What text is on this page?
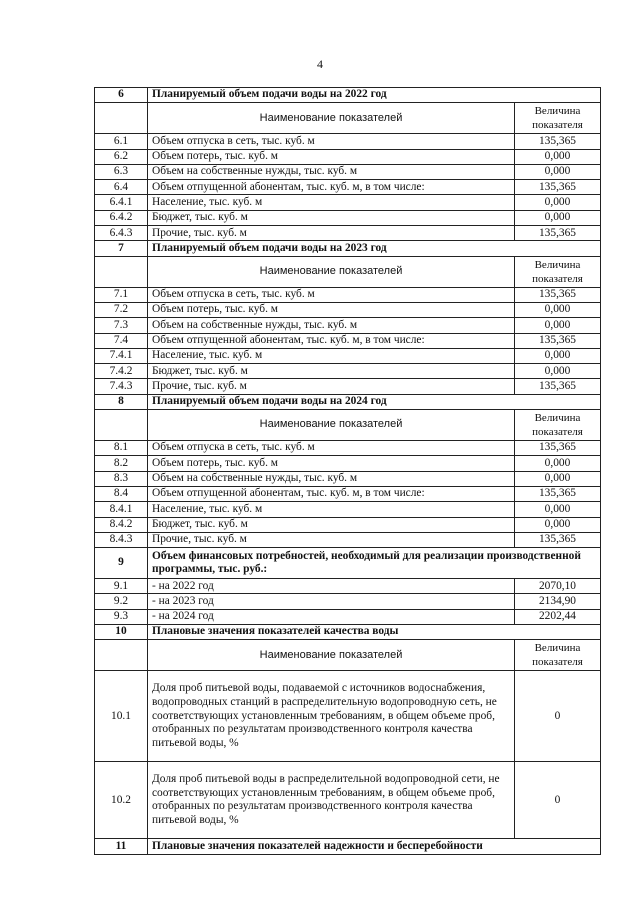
4
6	Планируемый объем подачи воды на 2022 год	
	Наименование показателей	Величина показателя
6.1	Объем отпуска в сеть, тыс. куб. м	135,365
6.2	Объем потерь, тыс. куб. м	0,000
6.3	Объем на собственные нужды, тыс. куб. м	0,000
6.4	Объем отпущенной абонентам, тыс. куб. м, в том числе:	135,365
6.4.1	Население, тыс. куб. м	0,000
6.4.2	Бюджет, тыс. куб. м	0,000
6.4.3	Прочие, тыс. куб. м	135,365
7	Планируемый объем подачи воды на 2023 год	
	Наименование показателей	Величина показателя
7.1	Объем отпуска в сеть, тыс. куб. м	135,365
7.2	Объем потерь, тыс. куб. м	0,000
7.3	Объем на собственные нужды, тыс. куб. м	0,000
7.4	Объем отпущенной абонентам, тыс. куб. м, в том числе:	135,365
7.4.1	Население, тыс. куб. м	0,000
7.4.2	Бюджет, тыс. куб. м	0,000
7.4.3	Прочие, тыс. куб. м	135,365
8	Планируемый объем подачи воды на 2024 год	
	Наименование показателей	Величина показателя
8.1	Объем отпуска в сеть, тыс. куб. м	135,365
8.2	Объем потерь, тыс. куб. м	0,000
8.3	Объем на собственные нужды, тыс. куб. м	0,000
8.4	Объем отпущенной абонентам, тыс. куб. м, в том числе:	135,365
8.4.1	Население, тыс. куб. м	0,000
8.4.2	Бюджет, тыс. куб. м	0,000
8.4.3	Прочие, тыс. куб. м	135,365
9	Объем финансовых потребностей, необходимый для реализации производственной программы, тыс. руб.:	
9.1	- на 2022 год	2070,10
9.2	- на 2023 год	2134,90
9.3	- на 2024 год	2202,44
10	Плановые значения показателей качества воды	
	Наименование показателей	Величина показателя
10.1	Доля проб питьевой воды, подаваемой с источников водоснабжения, водопроводных станций в распределительную водопроводную сеть, не соответствующих установленным требованиям, в общем объеме проб, отобранных по результатам производственного контроля качества питьевой воды, %	0
10.2	Доля проб питьевой воды в распределительной водопроводной сети, не соответствующих установленным требованиям, в общем объеме проб, отобранных по результатам производственного контроля качества питьевой воды, %	0
11	Плановые значения показателей надежности и бесперебойности	
